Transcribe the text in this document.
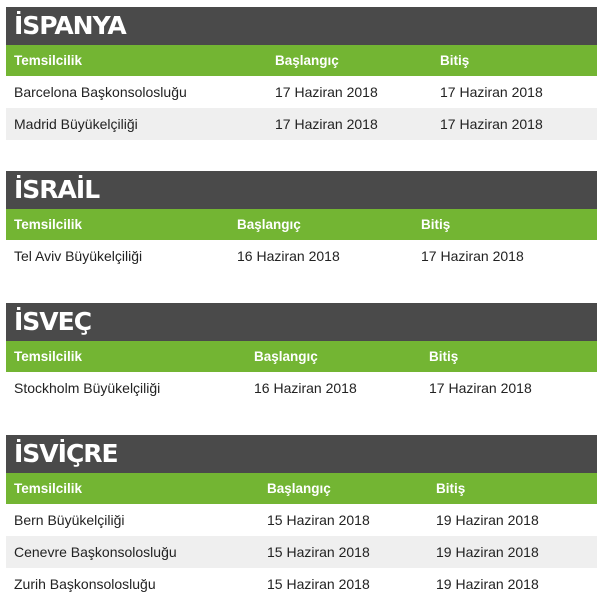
İSPANYA
Temsilcilik	Başlangıç	Bitiş
Barcelona Başkonsolosluğu	17 Haziran 2018	17 Haziran 2018
Madrid Büyükelçiliği	17 Haziran 2018	17 Haziran 2018
İSRAİL
Temsilcilik	Başlangıç	Bitiş
Tel Aviv Büyükelçiliği	16 Haziran 2018	17 Haziran 2018
İSVEÇ
Temsilcilik	Başlangıç	Bitiş
Stockholm Büyükelçiliği	16 Haziran 2018	17 Haziran 2018
İSVİÇRE
Temsilcilik	Başlangıç	Bitiş
Bern Büyükelçiliği	15 Haziran 2018	19 Haziran 2018
Cenevre Başkonsolosluğu	15 Haziran 2018	19 Haziran 2018
Zurih Başkonsolosluğu	15 Haziran 2018	19 Haziran 2018
